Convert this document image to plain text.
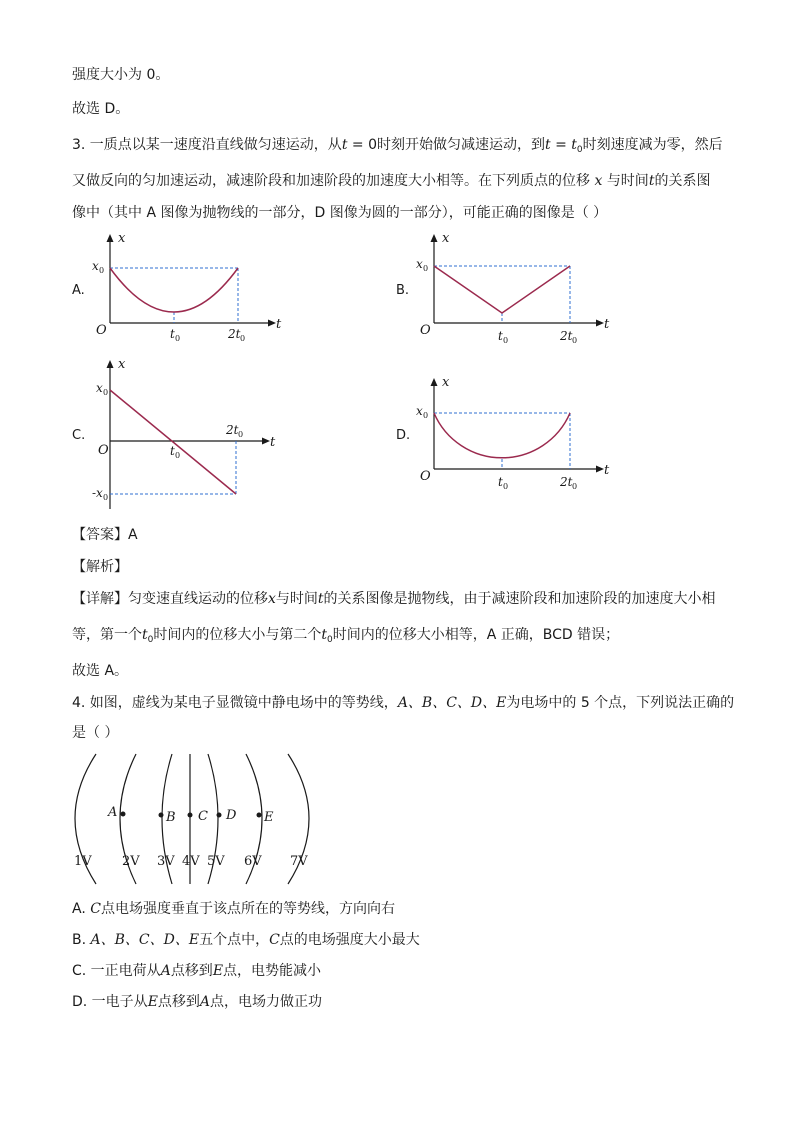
强度大小为 0。
故选 D。
3. 一质点以某一速度沿直线做匀速运动，从t = 0时刻开始做匀减速运动，到$t = t_0$时刻速度减为零，然后
又做反向的匀加速运动，减速阶段和加速阶段的加速度大小相等。在下列质点的位移 x 与时间t的关系图
像中（其中 A 图像为抛物线的一部分，D 图像为圆的一部分），可能正确的图像是（ ）
A.	B.
C.	D.
x
t
O
x 0
t 0	2t 0
x
t
O
x 0
t 0	2t 0
x
t
O
x 0
-x 0
t 0
2t 0
x
t
O
x 0
t 0	2t 0
【答案】A
【解析】
【详解】匀变速直线运动的位移x与时间t的关系图像是抛物线，由于减速阶段和加速阶段的加速度大小相
等，第一个$t_0$时间内的位移大小与第二个$t_0$时间内的位移大小相等，A 正确，BCD 错误；
故选 A。
4. 如图，虚线为某电子显微镜中静电场中的等势线，A、B、C、D、E为电场中的 5 个点，下列说法正确的
是（ ）
A	B C D E
1V 2V 3V 4V 5V 6V 7V
A. C点电场强度垂直于该点所在的等势线，方向向右
B. A、B、C、D、E五个点中，C点的电场强度大小最大
C. 一正电荷从A点移到E点，电势能减小
D. 一电子从E点移到A点，电场力做正功
